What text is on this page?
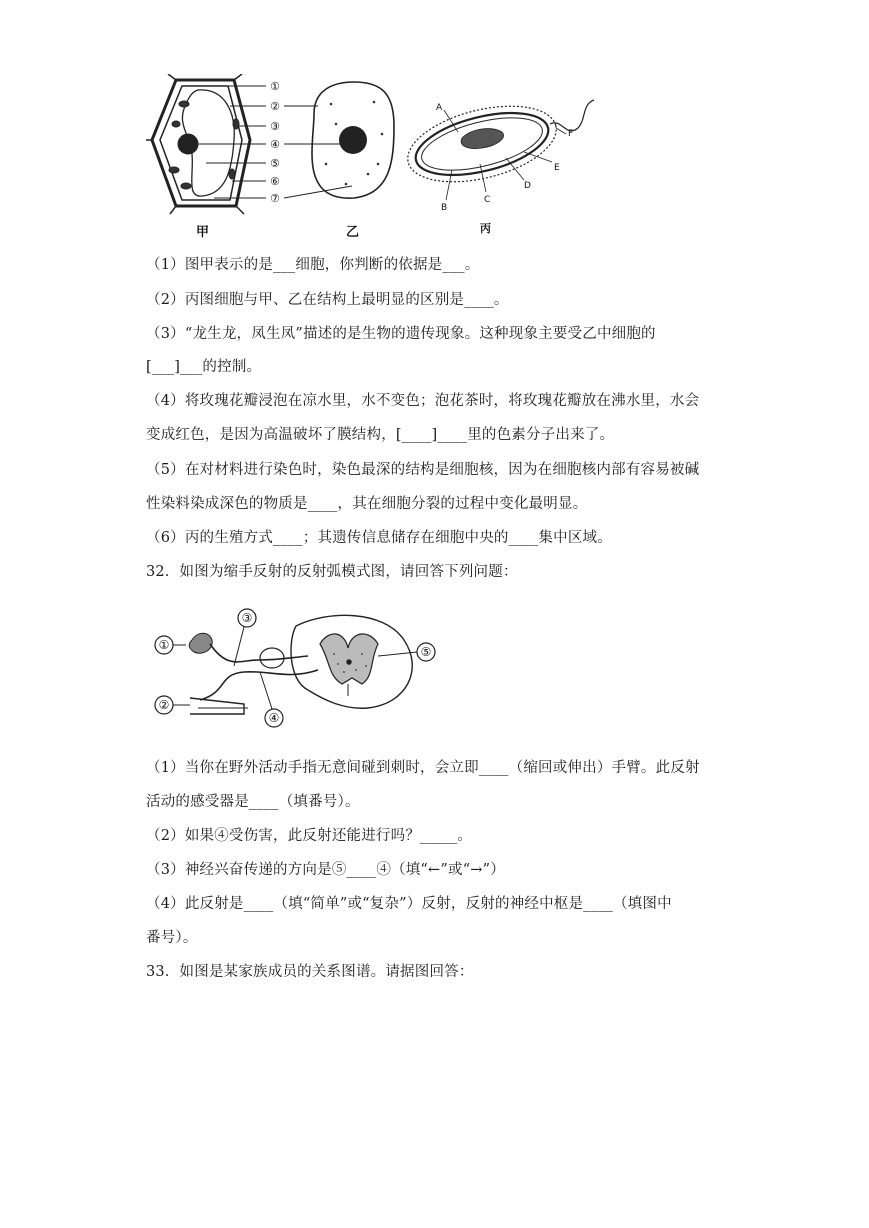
①
②
③
④
⑤
⑥
⑦
A
B
C
D
E
F
甲	乙	丙
（1）图甲表示的是___细胞，你判断的依据是___。
（2）丙图细胞与甲、乙在结构上最明显的区别是____。
（3）“龙生龙，凤生凤”描述的是生物的遗传现象。这种现象主要受乙中细胞的
[___]___的控制。
（4）将玫瑰花瓣浸泡在凉水里，水不变色；泡花茶时，将玫瑰花瓣放在沸水里，水会
变成红色，是因为高温破坏了膜结构，[____]____里的色素分子出来了。
（5）在对材料进行染色时，染色最深的结构是细胞核，因为在细胞核内部有容易被碱
性染料染成深色的物质是____，其在细胞分裂的过程中变化最明显。
（6）丙的生殖方式____；其遗传信息储存在细胞中央的____集中区域。
32．如图为缩手反射的反射弧模式图，请回答下列问题：
①
②
③
④
⑤
（1）当你在野外活动手指无意间碰到刺时，会立即____（缩回或伸出）手臂。此反射
活动的感受器是____（填番号）。
（2）如果④受伤害，此反射还能进行吗？_____。
（3）神经兴奋传递的方向是⑤____④（填“←”或“→”）
（4）此反射是____（填“简单”或“复杂”）反射，反射的神经中枢是____（填图中
番号）。
33．如图是某家族成员的关系图谱。请据图回答：
